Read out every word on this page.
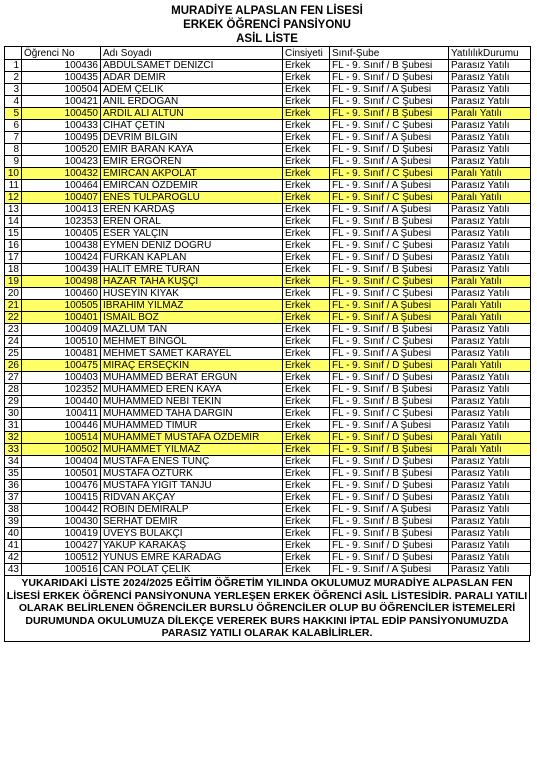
MURADİYE ALPASLAN FEN LİSESİ
ERKEK ÖĞRENCİ PANSİYONU
ASİL LİSTE
	Öğrenci No	Adı Soyadı	Cinsiyeti	Sınıf-Şube	YatılılıkDurumu
1	100436	ABDULSAMET DENİZCİ	Erkek	FL - 9. Sınıf / B Şubesi	Parasız Yatılı
2	100435	ADAR DEMİR	Erkek	FL - 9. Sınıf / D Şubesi	Parasız Yatılı
3	100504	ADEM ÇELİK	Erkek	FL - 9. Sınıf / A Şubesi	Parasız Yatılı
4	100421	ANIL ERDOĞAN	Erkek	FL - 9. Sınıf / C Şubesi	Parasız Yatılı
5	100450	ARDIL ALİ ALTUN	Erkek	FL - 9. Sınıf / B Şubesi	Paralı Yatılı
6	100433	CİHAT ÇETİN	Erkek	FL - 9. Sınıf / C Şubesi	Parasız Yatılı
7	100495	DEVRİM BİLGİN	Erkek	FL - 9. Sınıf / A Şubesi	Parasız Yatılı
8	100520	EMİR BARAN KAYA	Erkek	FL - 9. Sınıf / D Şubesi	Parasız Yatılı
9	100423	EMİR ERGÖREN	Erkek	FL - 9. Sınıf / A Şubesi	Parasız Yatılı
10	100432	EMİRCAN AKPOLAT	Erkek	FL - 9. Sınıf / C Şubesi	Paralı Yatılı
11	100464	EMİRCAN ÖZDEMİR	Erkek	FL - 9. Sınıf / A Şubesi	Parasız Yatılı
12	100407	ENES TULPAROĞLU	Erkek	FL - 9. Sınıf / C Şubesi	Paralı Yatılı
13	100413	EREN KARDAŞ	Erkek	FL - 9. Sınıf / A Şubesi	Parasız Yatılı
14	102353	EREN ORAL	Erkek	FL - 9. Sınıf / B Şubesi	Parasız Yatılı
15	100405	ESER YALÇIN	Erkek	FL - 9. Sınıf / A Şubesi	Parasız Yatılı
16	100438	EYMEN DENİZ DOĞRU	Erkek	FL - 9. Sınıf / C Şubesi	Parasız Yatılı
17	100424	FURKAN KAPLAN	Erkek	FL - 9. Sınıf / D Şubesi	Parasız Yatılı
18	100439	HALİT EMRE TURAN	Erkek	FL - 9. Sınıf / B Şubesi	Parasız Yatılı
19	100498	HAZAR TAHA KUŞÇİ	Erkek	FL - 9. Sınıf / C Şubesi	Paralı Yatılı
20	100460	HÜSEYİN KIYAK	Erkek	FL - 9. Sınıf / C Şubesi	Parasız Yatılı
21	100505	İBRAHİM YILMAZ	Erkek	FL - 9. Sınıf / A Şubesi	Paralı Yatılı
22	100401	İSMAİL BOZ	Erkek	FL - 9. Sınıf / A Şubesi	Paralı Yatılı
23	100409	MAZLUM TAN	Erkek	FL - 9. Sınıf / B Şubesi	Parasız Yatılı
24	100510	MEHMET BİNGÖL	Erkek	FL - 9. Sınıf / C Şubesi	Parasız Yatılı
25	100481	MEHMET SAMET KARAYEL	Erkek	FL - 9. Sınıf / A Şubesi	Parasız Yatılı
26	100475	MİRAÇ ERSEÇKİN	Erkek	FL - 9. Sınıf / D Şubesi	Paralı Yatılı
27	100403	MUHAMMED BERAT ERGÜN	Erkek	FL - 9. Sınıf / D Şubesi	Parasız Yatılı
28	102352	MUHAMMED EREN KAYA	Erkek	FL - 9. Sınıf / B Şubesi	Parasız Yatılı
29	100440	MUHAMMED NEBİ TEKİN	Erkek	FL - 9. Sınıf / B Şubesi	Parasız Yatılı
30	100411	MUHAMMED TAHA DARGIN	Erkek	FL - 9. Sınıf / C Şubesi	Parasız Yatılı
31	100446	MUHAMMED TİMUR	Erkek	FL - 9. Sınıf / A Şubesi	Parasız Yatılı
32	100514	MUHAMMET MUSTAFA ÖZDEMİR	Erkek	FL - 9. Sınıf / D Şubesi	Paralı Yatılı
33	100502	MUHAMMET YILMAZ	Erkek	FL - 9. Sınıf / B Şubesi	Paralı Yatılı
34	100404	MUSTAFA ENES TUNÇ	Erkek	FL - 9. Sınıf / D Şubesi	Parasız Yatılı
35	100501	MUSTAFA ÖZTÜRK	Erkek	FL - 9. Sınıf / B Şubesi	Parasız Yatılı
36	100476	MUSTAFA YİĞİT TANJU	Erkek	FL - 9. Sınıf / D Şubesi	Parasız Yatılı
37	100415	RIDVAN AKÇAY	Erkek	FL - 9. Sınıf / D Şubesi	Parasız Yatılı
38	100442	ROBİN DEMİRALP	Erkek	FL - 9. Sınıf / A Şubesi	Parasız Yatılı
39	100430	SERHAT DEMİR	Erkek	FL - 9. Sınıf / B Şubesi	Parasız Yatılı
40	100419	ÜVEYS BULAKÇI	Erkek	FL - 9. Sınıf / B Şubesi	Parasız Yatılı
41	100427	YAKUP KARAKAŞ	Erkek	FL - 9. Sınıf / D Şubesi	Parasız Yatılı
42	100512	YUNUS EMRE KARADAĞ	Erkek	FL - 9. Sınıf / D Şubesi	Parasız Yatılı
43	100516	CAN POLAT ÇELİK	Erkek	FL - 9. Sınıf / A Şubesi	Parasız Yatılı
YUKARIDAKİ LİSTE 2024/2025 EĞİTİM ÖĞRETİM YILINDA OKULUMUZ MURADİYE ALPASLAN FEN LİSESİ ERKEK ÖĞRENCİ PANSİYONUNA YERLEŞEN ERKEK ÖĞRENCİ ASİL LİSTESİDİR. PARALI YATILI OLARAK BELİRLENEN ÖĞRENCİLER BURSLU ÖĞRENCİLER OLUP BU ÖĞRENCİLER İSTEMELERİ DURUMUNDA OKULUMUZA DİLEKÇE VEREREK BURS HAKKINI İPTAL EDİP PANSİYONUMUZDA PARASIZ YATILI OLARAK KALABİLİRLER.
